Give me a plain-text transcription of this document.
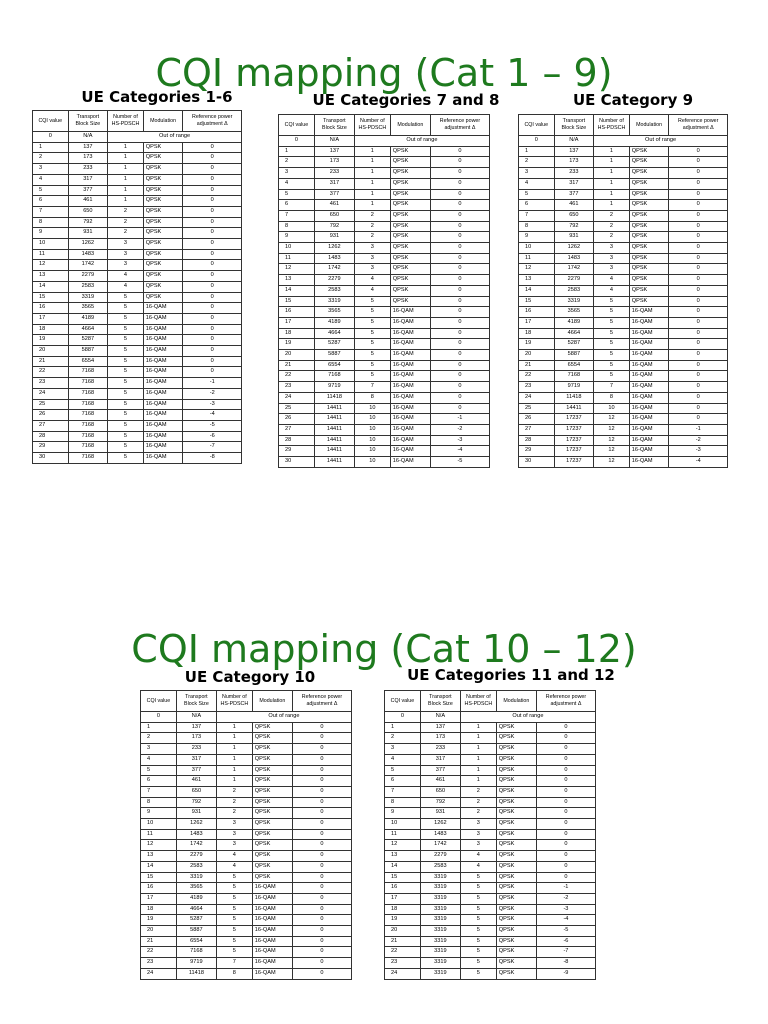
CQI mapping (Cat 1 – 9)
UE Categories 1-6	UE Categories 7 and 8	UE Category 9
CQI value	Transport Block Size	Number of HS-PDSCH	Modulation	Reference power adjustment Δ
0	N/A	Out of range		
1	137	1	QPSK	0
2	173	1	QPSK	0
3	233	1	QPSK	0
4	317	1	QPSK	0
5	377	1	QPSK	0
6	461	1	QPSK	0
7	650	2	QPSK	0
8	792	2	QPSK	0
9	931	2	QPSK	0
10	1262	3	QPSK	0
11	1483	3	QPSK	0
12	1742	3	QPSK	0
13	2279	4	QPSK	0
14	2583	4	QPSK	0
15	3319	5	QPSK	0
16	3565	5	16-QAM	0
17	4189	5	16-QAM	0
18	4664	5	16-QAM	0
19	5287	5	16-QAM	0
20	5887	5	16-QAM	0
21	6554	5	16-QAM	0
22	7168	5	16-QAM	0
23	7168	5	16-QAM	-1
24	7168	5	16-QAM	-2
25	7168	5	16-QAM	-3
26	7168	5	16-QAM	-4
27	7168	5	16-QAM	-5
28	7168	5	16-QAM	-6
29	7168	5	16-QAM	-7
30	7168	5	16-QAM	-8
CQI value	Transport Block Size	Number of HS-PDSCH	Modulation	Reference power adjustment Δ
0	N/A	Out of range		
1	137	1	QPSK	0
2	173	1	QPSK	0
3	233	1	QPSK	0
4	317	1	QPSK	0
5	377	1	QPSK	0
6	461	1	QPSK	0
7	650	2	QPSK	0
8	792	2	QPSK	0
9	931	2	QPSK	0
10	1262	3	QPSK	0
11	1483	3	QPSK	0
12	1742	3	QPSK	0
13	2279	4	QPSK	0
14	2583	4	QPSK	0
15	3319	5	QPSK	0
16	3565	5	16-QAM	0
17	4189	5	16-QAM	0
18	4664	5	16-QAM	0
19	5287	5	16-QAM	0
20	5887	5	16-QAM	0
21	6554	5	16-QAM	0
22	7168	5	16-QAM	0
23	9719	7	16-QAM	0
24	11418	8	16-QAM	0
25	14411	10	16-QAM	0
26	14411	10	16-QAM	-1
27	14411	10	16-QAM	-2
28	14411	10	16-QAM	-3
29	14411	10	16-QAM	-4
30	14411	10	16-QAM	-5
CQI value	Transport Block Size	Number of HS-PDSCH	Modulation	Reference power adjustment Δ
0	N/A	Out of range		
1	137	1	QPSK	0
2	173	1	QPSK	0
3	233	1	QPSK	0
4	317	1	QPSK	0
5	377	1	QPSK	0
6	461	1	QPSK	0
7	650	2	QPSK	0
8	792	2	QPSK	0
9	931	2	QPSK	0
10	1262	3	QPSK	0
11	1483	3	QPSK	0
12	1742	3	QPSK	0
13	2279	4	QPSK	0
14	2583	4	QPSK	0
15	3319	5	QPSK	0
16	3565	5	16-QAM	0
17	4189	5	16-QAM	0
18	4664	5	16-QAM	0
19	5287	5	16-QAM	0
20	5887	5	16-QAM	0
21	6554	5	16-QAM	0
22	7168	5	16-QAM	0
23	9719	7	16-QAM	0
24	11418	8	16-QAM	0
25	14411	10	16-QAM	0
26	17237	12	16-QAM	0
27	17237	12	16-QAM	-1
28	17237	12	16-QAM	-2
29	17237	12	16-QAM	-3
30	17237	12	16-QAM	-4
CQI mapping (Cat 10 – 12)
UE Category 10	UE Categories 11 and 12
CQI value	Transport Block Size	Number of HS-PDSCH	Modulation	Reference power adjustment Δ
0	N/A	Out of range		
1	137	1	QPSK	0
2	173	1	QPSK	0
3	233	1	QPSK	0
4	317	1	QPSK	0
5	377	1	QPSK	0
6	461	1	QPSK	0
7	650	2	QPSK	0
8	792	2	QPSK	0
9	931	2	QPSK	0
10	1262	3	QPSK	0
11	1483	3	QPSK	0
12	1742	3	QPSK	0
13	2279	4	QPSK	0
14	2583	4	QPSK	0
15	3319	5	QPSK	0
16	3565	5	16-QAM	0
17	4189	5	16-QAM	0
18	4664	5	16-QAM	0
19	5287	5	16-QAM	0
20	5887	5	16-QAM	0
21	6554	5	16-QAM	0
22	7168	5	16-QAM	0
23	9719	7	16-QAM	0
24	11418	8	16-QAM	0
CQI value	Transport Block Size	Number of HS-PDSCH	Modulation	Reference power adjustment Δ
0	N/A	Out of range		
1	137	1	QPSK	0
2	173	1	QPSK	0
3	233	1	QPSK	0
4	317	1	QPSK	0
5	377	1	QPSK	0
6	461	1	QPSK	0
7	650	2	QPSK	0
8	792	2	QPSK	0
9	931	2	QPSK	0
10	1262	3	QPSK	0
11	1483	3	QPSK	0
12	1742	3	QPSK	0
13	2279	4	QPSK	0
14	2583	4	QPSK	0
15	3319	5	QPSK	0
16	3319	5	QPSK	-1
17	3319	5	QPSK	-2
18	3319	5	QPSK	-3
19	3319	5	QPSK	-4
20	3319	5	QPSK	-5
21	3319	5	QPSK	-6
22	3319	5	QPSK	-7
23	3319	5	QPSK	-8
24	3319	5	QPSK	-9
